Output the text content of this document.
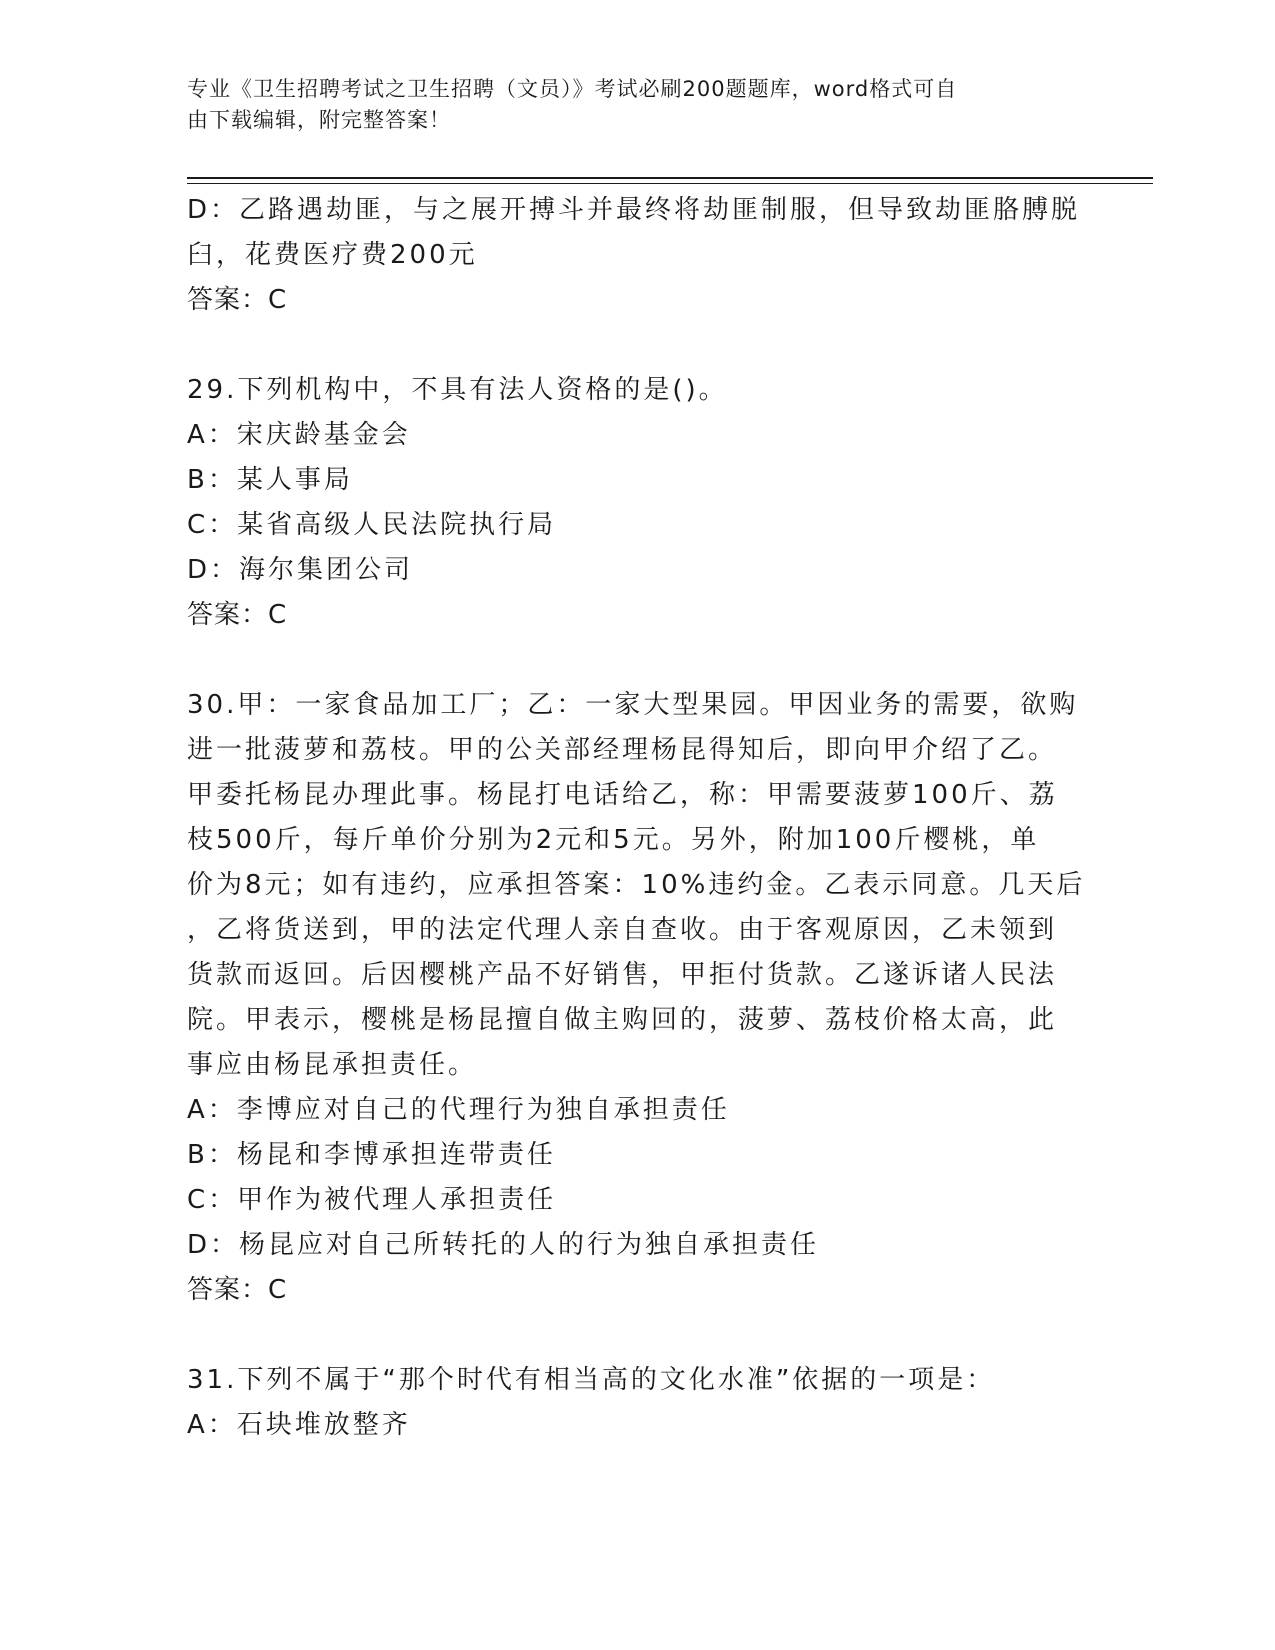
专业《卫生招聘考试之卫生招聘（文员）》考试必刷200题题库，word格式可自
由下载编辑，附完整答案！
D：乙路遇劫匪，与之展开搏斗并最终将劫匪制服，但导致劫匪胳膊脱
臼，花费医疗费200元
答案：C
29.下列机构中，不具有法人资格的是()。
A：宋庆龄基金会
B：某人事局
C：某省高级人民法院执行局
D：海尔集团公司
答案：C
30.甲：一家食品加工厂；乙：一家大型果园。甲因业务的需要，欲购
进一批菠萝和荔枝。甲的公关部经理杨昆得知后，即向甲介绍了乙。
甲委托杨昆办理此事。杨昆打电话给乙，称：甲需要菠萝100斤、荔
枝500斤，每斤单价分别为2元和5元。另外，附加100斤樱桃，单
价为8元；如有违约，应承担答案：10%违约金。乙表示同意。几天后
，乙将货送到，甲的法定代理人亲自查收。由于客观原因，乙未领到
货款而返回。后因樱桃产品不好销售，甲拒付货款。乙遂诉诸人民法
院。甲表示，樱桃是杨昆擅自做主购回的，菠萝、荔枝价格太高，此
事应由杨昆承担责任。
A：李博应对自己的代理行为独自承担责任
B：杨昆和李博承担连带责任
C：甲作为被代理人承担责任
D：杨昆应对自己所转托的人的行为独自承担责任
答案：C
31.下列不属于“那个时代有相当高的文化水准”依据的一项是：
A：石块堆放整齐
